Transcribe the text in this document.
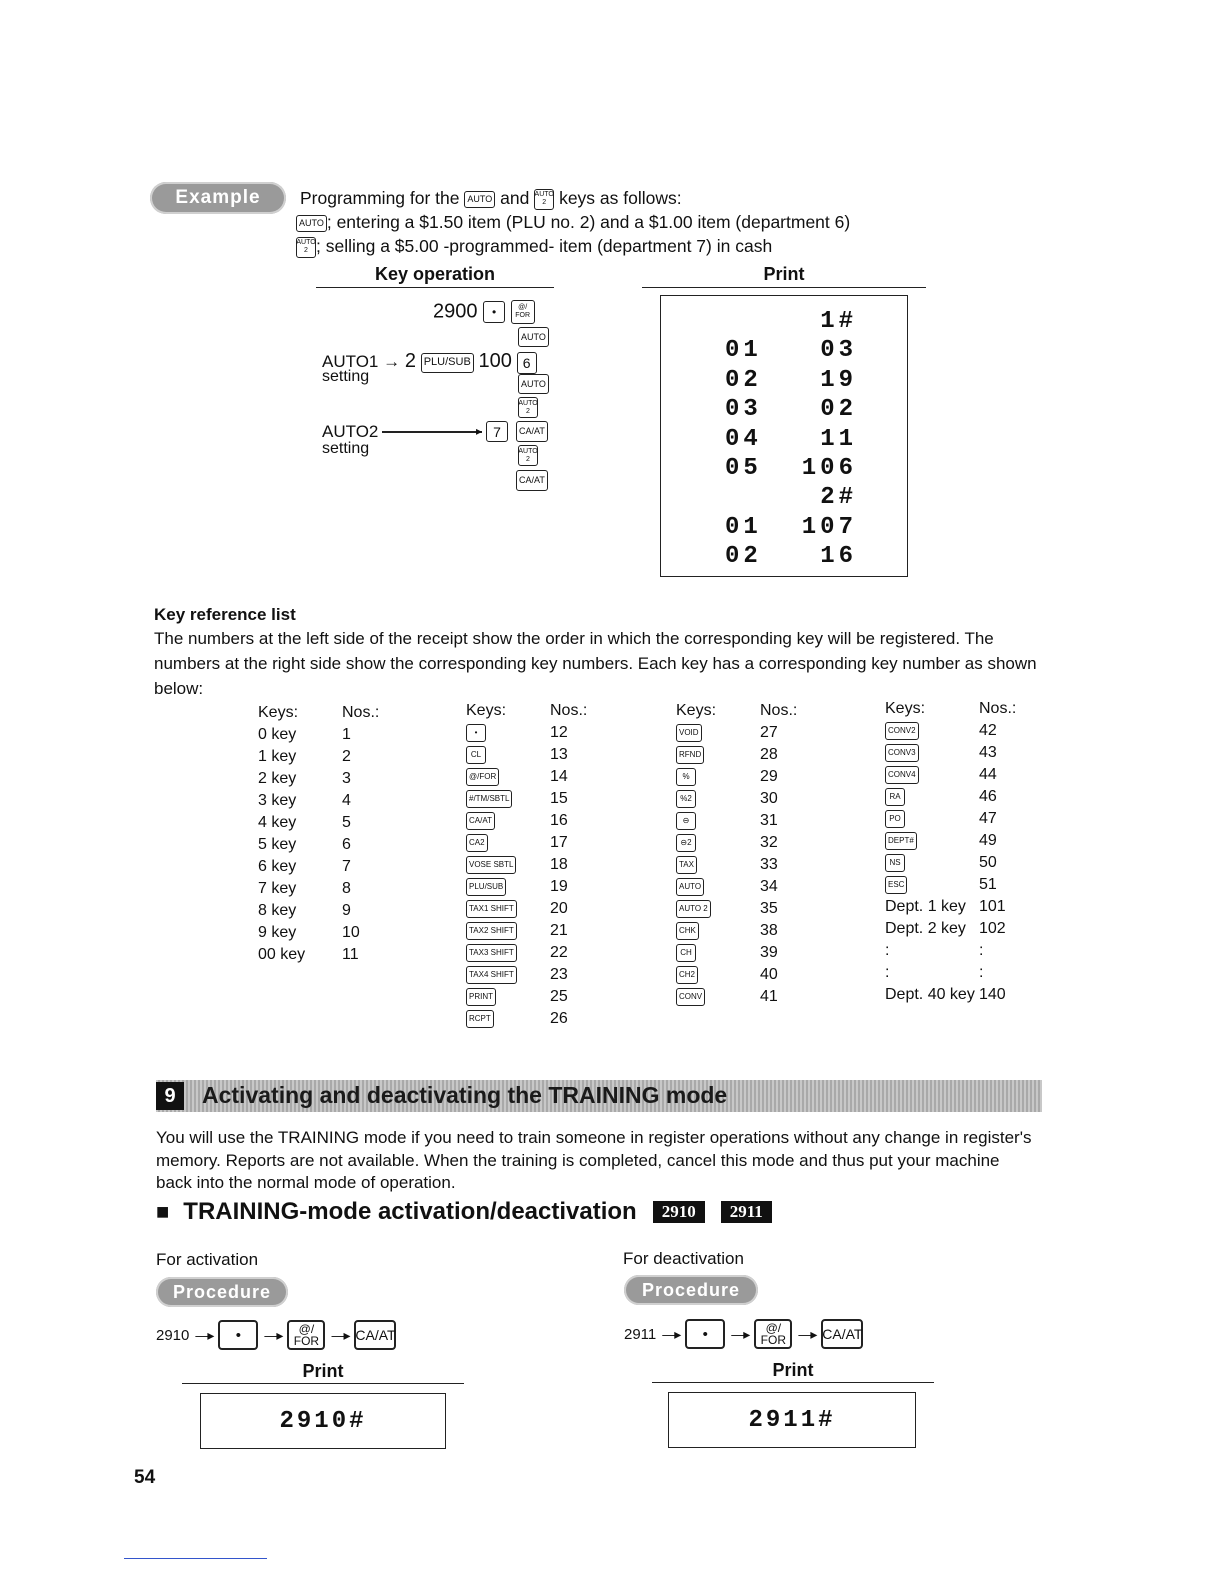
Example	Programming for the AUTO and AUTO
2 keys as follows:
AUTO ; entering a $1.50 item (PLU no. 2) and a $1.00 item (department 6)
AUTO
2 ; selling a $5.00 -programmed- item (department 7) in cash
Key operation	Print
2900 •	@/
FOR
AUTO
AUTO1 → 2 PLU/SUB 100 6
setting	AUTO
AUTO
2
AUTO2	▸ 7	CA/AT
setting	AUTO
2
CA/AT
1#
01 03
02 19
03 02
04 11
05 106
2#
01 107
02 16
Key reference list
The numbers at the left side of the receipt show the order in which the corresponding key will be registered. The numbers at the right side show the corresponding key numbers. Each key has a corresponding key number as shown below:
Keys:	Nos.:
0 key	1
1 key	2
2 key	3
3 key	4
4 key	5
5 key	6
6 key	7
7 key	8
8 key	9
9 key	10
00 key	11
Keys:	Nos.:
•	12
CL	13
@/FOR	14
#/TM/SBTL	15
CA/AT	16
CA2	17
VOSE SBTL	18
PLU/SUB	19
TAX1 SHIFT	20
TAX2 SHIFT	21
TAX3 SHIFT	22
TAX4 SHIFT	23
PRINT	25
RCPT	26
Keys:	Nos.:
VOID	27
RFND	28
%	29
%2	30
⊖	31
⊖2	32
TAX	33
AUTO	34
AUTO 2	35
CHK	38
CH	39
CH2	40
CONV	41
Keys:	Nos.:
CONV2	42
CONV3	43
CONV4	44
RA	46
PO	47
DEPT#	49
NS	50
ESC	51
Dept. 1 key 101
Dept. 2 key 102
:	:
:	:
Dept. 40 key 140
9	Activating and deactivating the TRAINING mode
You will use the TRAINING mode if you need to train someone in register operations without any change in register's memory. Reports are not available. When the training is completed, cancel this mode and thus put your machine back into the normal mode of operation.
■ TRAINING-mode activation/deactivation	2910	2911
For activation
Procedure
2910 —▸	•	—▸ @/
FOR —▸ CA/AT
Print
2910#
For deactivation
Procedure
2911 —▸	•	—▸ @/
FOR —▸ CA/AT
Print
2911#
54
